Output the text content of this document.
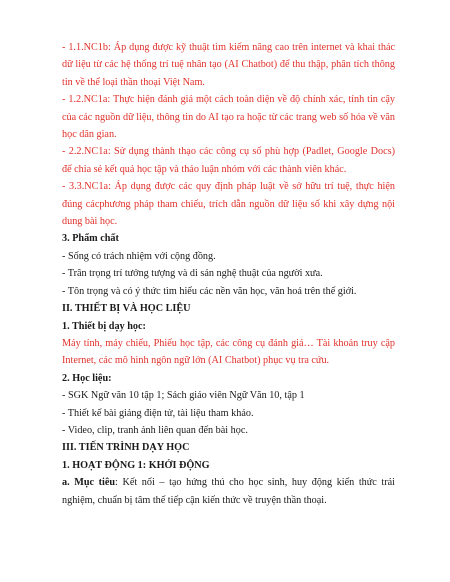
- 1.1.NC1b: Áp dụng được kỹ thuật tìm kiếm nâng cao trên internet và khai thác dữ liệu từ các hệ thống trí tuệ nhân tạo (AI Chatbot) để thu thập, phân tích thông tin về thể loại thần thoại Việt Nam.

- 1.2.NC1a: Thực hiện đánh giá một cách toàn diện về độ chính xác, tính tin cậy của các nguồn dữ liệu, thông tin do AI tạo ra hoặc từ các trang web số hóa về văn học dân gian.

- 2.2.NC1a: Sử dụng thành thạo các công cụ số phù hợp (Padlet, Google Docs) để chia sẻ kết quả học tập và thảo luận nhóm với các thành viên khác.

- 3.3.NC1a: Áp dụng được các quy định pháp luật về sở hữu trí tuệ, thực hiện đúng cácphương pháp tham chiếu, trích dẫn nguồn dữ liệu số khi xây dựng nội dung bài học.

3. Phẩm chất

- Sống có trách nhiệm với cộng đồng.

- Trân trọng trí tưởng tượng và di sản nghệ thuật của người xưa.

- Tôn trọng và có ý thức tìm hiểu các nền văn học, văn hoá trên thế giới.

II. THIẾT BỊ VÀ HỌC LIỆU

1. Thiết bị dạy học:

Máy tính, máy chiếu, Phiếu học tập, các công cụ đánh giá… Tài khoản truy cập Internet, các mô hình ngôn ngữ lớn (AI Chatbot) phục vụ tra cứu.

2. Học liệu:

- SGK Ngữ văn 10 tập 1; Sách giáo viên Ngữ Văn 10, tập 1

- Thiết kế bài giảng điện tử, tài liệu tham khảo.

- Video, clip, tranh ảnh liên quan đến bài học.

III. TIẾN TRÌNH DẠY HỌC

1. HOẠT ĐỘNG 1: KHỞI ĐỘNG

a. Mục tiêu: Kết nối – tạo hứng thú cho học sinh, huy động kiến thức trải nghiệm, chuẩn bị tâm thế tiếp cận kiến thức về truyện thần thoại.
